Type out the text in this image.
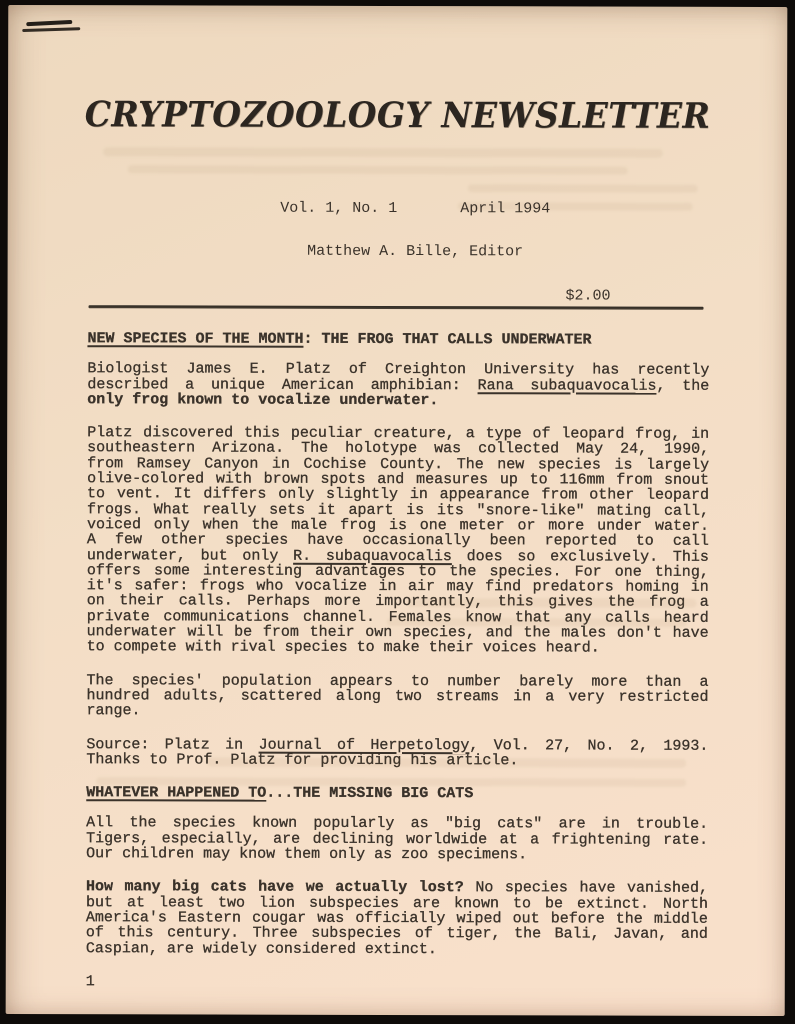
CRYPTOZOOLOGY NEWSLETTER

Vol. 1, No. 1       April 1994

Matthew A. Bille, Editor

$2.00
NEW SPECIES OF THE MONTH: THE FROG THAT CALLS UNDERWATER
Biologist James E. Platz of Creighton University has recently
described a unique American amphibian: Rana subaquavocalis, the
only frog known to vocalize underwater.
Platz discovered this peculiar creature, a type of leopard frog, in
southeastern Arizona. The holotype was collected May 24, 1990,
from Ramsey Canyon in Cochise County. The new species is largely
olive-colored with brown spots and measures up to 116mm from snout
to vent. It differs only slightly in appearance from other leopard
frogs. What really sets it apart is its "snore-like" mating call,
voiced only when the male frog is one meter or more under water.
A few other species have occasionally been reported to call
underwater, but only R. subaquavocalis does so exclusively. This
offers some interesting advantages to the species. For one thing,
it's safer: frogs who vocalize in air may find predators homing in
on their calls. Perhaps more importantly, this gives the frog a
private communications channel. Females know that any calls heard
underwater will be from their own species, and the males don't have
to compete with rival species to make their voices heard.
The species' population appears to number barely more than a
hundred adults, scattered along two streams in a very restricted
range.
Source: Platz in Journal of Herpetology, Vol. 27, No. 2, 1993.
Thanks to Prof. Platz for providing his article.
WHATEVER HAPPENED TO...THE MISSING BIG CATS
All the species known popularly as "big cats" are in trouble.
Tigers, especially, are declining worldwide at a frightening rate.
Our children may know them only as zoo specimens.
How many big cats have we actually lost? No species have vanished,
but at least two lion subspecies are known to be extinct. North
America's Eastern cougar was officially wiped out before the middle
of this century. Three subspecies of tiger, the Bali, Javan, and
Caspian, are widely considered extinct.
1
